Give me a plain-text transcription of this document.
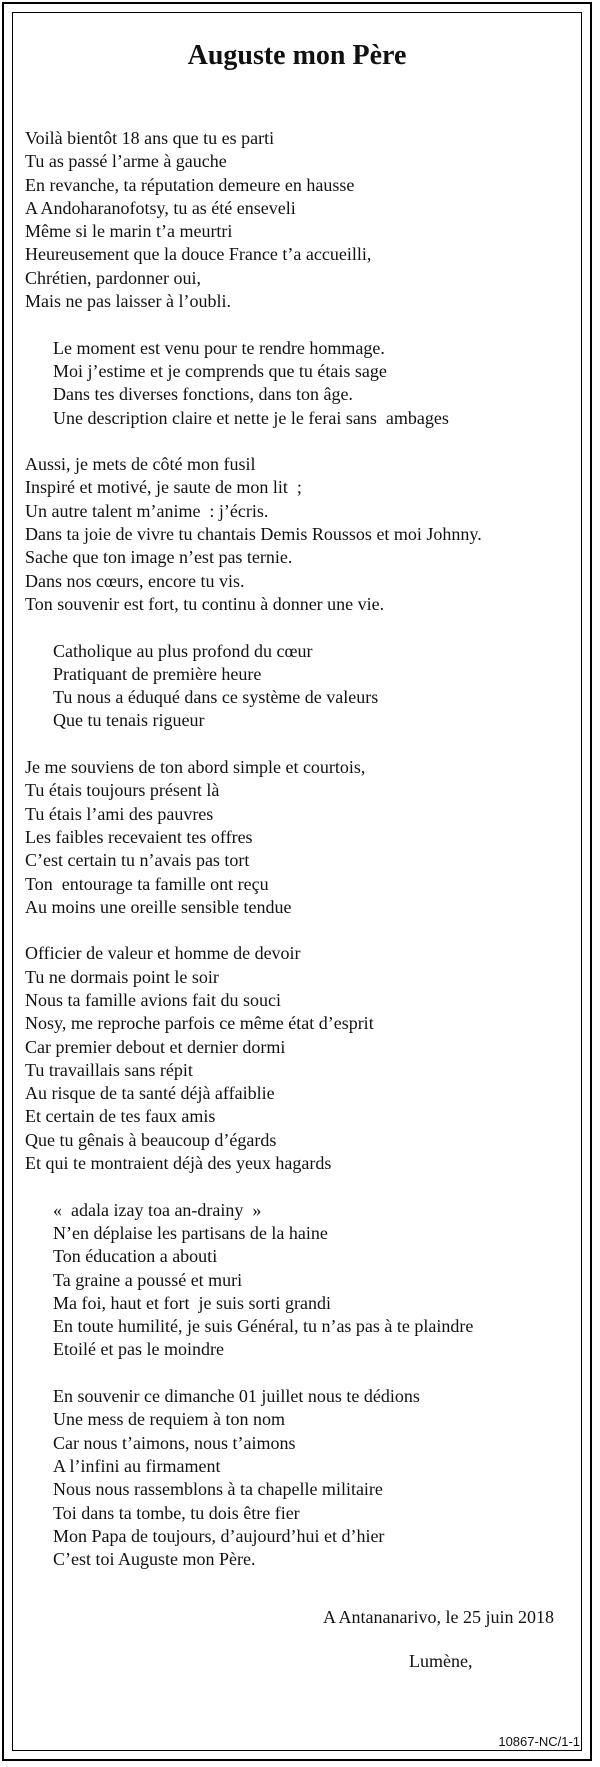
Auguste mon Père
Voilà bientôt 18 ans que tu es parti
Tu as passé l’arme à gauche
En revanche, ta réputation demeure en hausse
A Andoharanofotsy, tu as été enseveli
Même si le marin t’a meurtri
Heureusement que la douce France t’a accueilli,
Chrétien, pardonner oui,
Mais ne pas laisser à l’oubli.
Le moment est venu pour te rendre hommage.
Moi j’estime et je comprends que tu étais sage
Dans tes diverses fonctions, dans ton âge.
Une description claire et nette je le ferai sans  ambages
Aussi, je mets de côté mon fusil
Inspiré et motivé, je saute de mon lit  ;
Un autre talent m’anime  : j’écris.
Dans ta joie de vivre tu chantais Demis Roussos et moi Johnny.
Sache que ton image n’est pas ternie.
Dans nos cœurs, encore tu vis.
Ton souvenir est fort, tu continu à donner une vie.
Catholique au plus profond du cœur
Pratiquant de première heure
Tu nous a éduqué dans ce système de valeurs
Que tu tenais rigueur
Je me souviens de ton abord simple et courtois,
Tu étais toujours présent là
Tu étais l’ami des pauvres
Les faibles recevaient tes offres
C’est certain tu n’avais pas tort
Ton  entourage ta famille ont reçu
Au moins une oreille sensible tendue
Officier de valeur et homme de devoir
Tu ne dormais point le soir
Nous ta famille avions fait du souci
Nosy, me reproche parfois ce même état d’esprit
Car premier debout et dernier dormi
Tu travaillais sans répit
Au risque de ta santé déjà affaiblie
Et certain de tes faux amis
Que tu gênais à beaucoup d’égards
Et qui te montraient déjà des yeux hagards
«  adala izay toa an-drainy  »
N’en déplaise les partisans de la haine
Ton éducation a abouti
Ta graine a poussé et muri
Ma foi, haut et fort  je suis sorti grandi
En toute humilité, je suis Général, tu n’as pas à te plaindre
Etoilé et pas le moindre
En souvenir ce dimanche 01 juillet nous te dédions
Une mess de requiem à ton nom
Car nous t’aimons, nous t’aimons
A l’infini au firmament
Nous nous rassemblons à ta chapelle militaire
Toi dans ta tombe, tu dois être fier
Mon Papa de toujours, d’aujourd’hui et d’hier
C’est toi Auguste mon Père.
A Antananarivo, le 25 juin 2018
Lumène,
10867-NC/1-1
